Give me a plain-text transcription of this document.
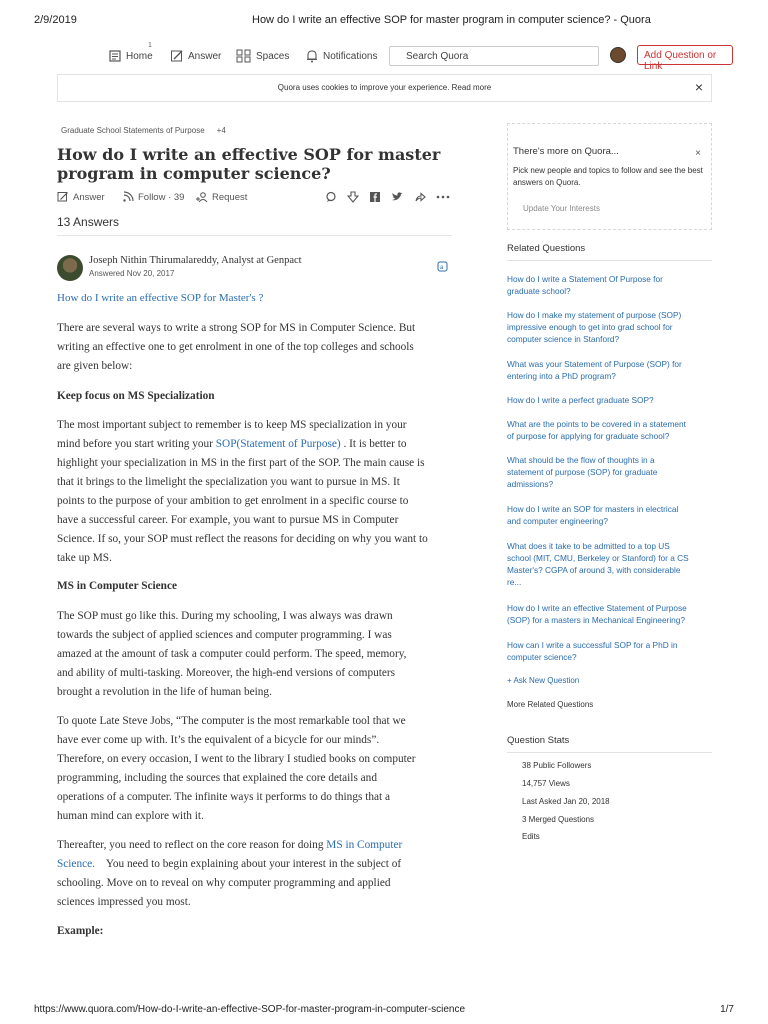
2/9/2019	How do I write an effective SOP for master program in computer science? - Quora
Home
1
Answer	Spaces	Notifications	Search Quora	Add Question or Link
Quora uses cookies to improve your experience. Read more	×
Graduate School Statements of Purpose +4
How do I write an effective SOP for master program in computer science?
Answer	Follow · 39	Request
13 Answers
Joseph Nithin Thirumalareddy, Analyst at Genpact
Answered Nov 20, 2017
a
How do I write an effective SOP for Master's ?
There are several ways to write a strong SOP for MS in Computer Science. But
writing an effective one to get enrolment in one of the top colleges and schools
are given below:
Keep focus on MS Specialization
The most important subject to remember is to keep MS specialization in your
mind before you start writing your SOP(Statement of Purpose) . It is better to
highlight your specialization in MS in the first part of the SOP. The main cause is
that it brings to the limelight the specialization you want to pursue in MS. It
points to the purpose of your ambition to get enrolment in a specific course to
have a successful career. For example, you want to pursue MS in Computer
Science. If so, your SOP must reflect the reasons for deciding on why you want to
take up MS.
MS in Computer Science
The SOP must go like this. During my schooling, I was always was drawn
towards the subject of applied sciences and computer programming. I was
amazed at the amount of task a computer could perform. The speed, memory,
and ability of multi-tasking. Moreover, the high-end versions of computers
brought a revolution in the life of human being.
To quote Late Steve Jobs, “The computer is the most remarkable tool that we
have ever come up with. It’s the equivalent of a bicycle for our minds”.
Therefore, on every occasion, I went to the library I studied books on computer
programming, including the sources that explained the core details and
operations of a computer. The infinite ways it performs to do things that a
human mind can explore with it.
Thereafter, you need to reflect on the core reason for doing MS in Computer
Science.    You need to begin explaining about your interest in the subject of
schooling. Move on to reveal on why computer programming and applied
sciences impressed you most.
Example:
There's more on Quora...	×
Pick new people and topics to follow and see the best answers on Quora.
Update Your Interests
Related Questions
How do I write a Statement Of Purpose for
graduate school?
How do I make my statement of purpose (SOP)
impressive enough to get into grad school for
computer science in Stanford?
What was your Statement of Purpose (SOP) for
entering into a PhD program?
How do I write a perfect graduate SOP?
What are the points to be covered in a statement
of purpose for applying for graduate school?
What should be the flow of thoughts in a
statement of purpose (SOP) for graduate
admissions?
How do I write an SOP for masters in electrical
and computer engineering?
What does it take to be admitted to a top US
school (MIT, CMU, Berkeley or Stanford) for a CS
Master's? CGPA of around 3, with considerable
re...
How do I write an effective Statement of Purpose
(SOP) for a masters in Mechanical Engineering?
How can I write a successful SOP for a PhD in
computer science?
+ Ask New Question
More Related Questions
Question Stats
38 Public Followers
14,757 Views
Last Asked Jan 20, 2018
3 Merged Questions
Edits
https://www.quora.com/How-do-I-write-an-effective-SOP-for-master-program-in-computer-science	1/7
